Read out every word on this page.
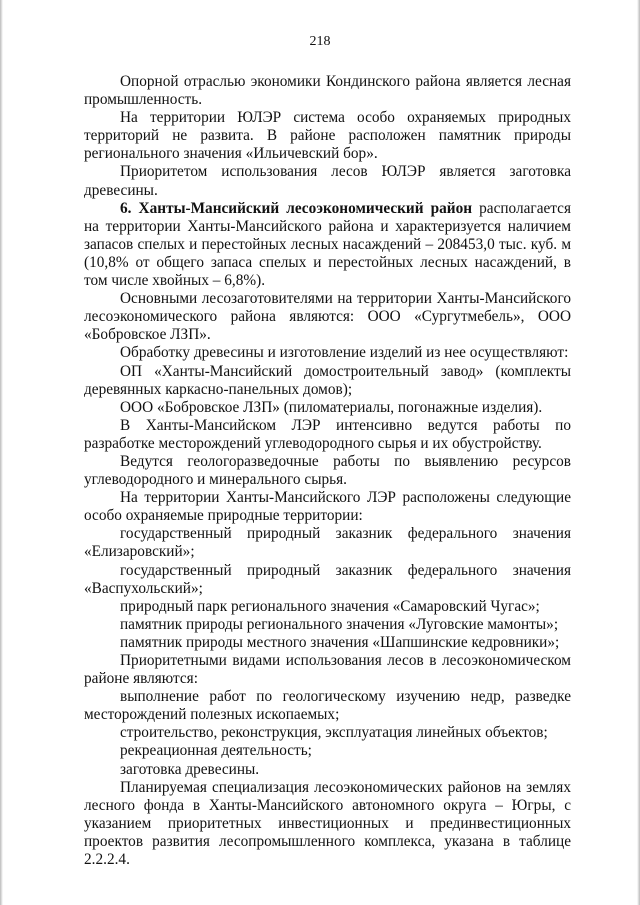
218

Опорной отраслью экономики Кондинского района является лесная промышленность.

На территории ЮЛЭР система особо охраняемых природных территорий не развита. В районе расположен памятник природы регионального значения «Ильичевский бор».

Приоритетом использования лесов ЮЛЭР является заготовка древесины.

6. Ханты-Мансийский лесоэкономический район располагается на территории Ханты-Мансийского района и характеризуется наличием запасов спелых и перестойных лесных насаждений – 208453,0 тыс. куб. м (10,8% от общего запаса спелых и перестойных лесных насаждений, в том числе хвойных – 6,8%).

Основными лесозаготовителями на территории Ханты-Мансийского лесоэкономического района являются: ООО «Сургутмебель», ООО «Бобровское ЛЗП».

Обработку древесины и изготовление изделий из нее осуществляют:

ОП «Ханты-Мансийский домостроительный завод» (комплекты деревянных каркасно-панельных домов);

ООО «Бобровское ЛЗП» (пиломатериалы, погонажные изделия).

В Ханты-Мансийском ЛЭР интенсивно ведутся работы по разработке месторождений углеводородного сырья и их обустройству.

Ведутся геологоразведочные работы по выявлению ресурсов углеводородного и минерального сырья.

На территории Ханты-Мансийского ЛЭР расположены следующие особо охраняемые природные территории:

государственный природный заказник федерального значения «Елизаровский»;

государственный природный заказник федерального значения «Васпухольский»;

природный парк регионального значения «Самаровский Чугас»;

памятник природы регионального значения «Луговские мамонты»;

памятник природы местного значения «Шапшинские кедровники»;

Приоритетными видами использования лесов в лесоэкономическом районе являются:

выполнение работ по геологическому изучению недр, разведке месторождений полезных ископаемых;

строительство, реконструкция, эксплуатация линейных объектов;

рекреационная деятельность;

заготовка древесины.

Планируемая специализация лесоэкономических районов на землях лесного фонда в Ханты-Мансийского автономного округа – Югры, с указанием приоритетных инвестиционных и прединвестиционных проектов развития лесопромышленного комплекса, указана в таблице 2.2.2.4.
